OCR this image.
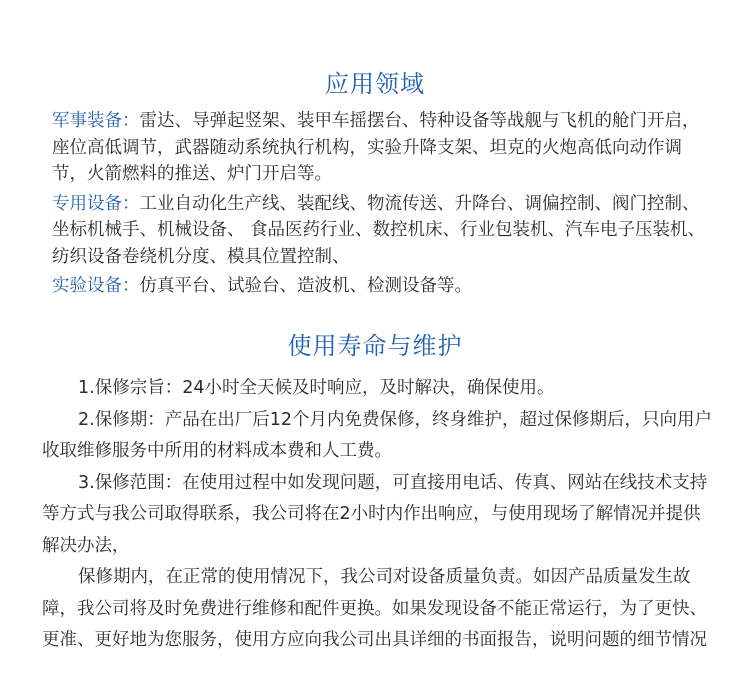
应用领域

军事装备：雷达、导弹起竖架、装甲车摇摆台、特种设备等战舰与飞机的舱门开启，座位高低调节，武器随动系统执行机构，实验升降支架、坦克的火炮高低向动作调节，火箭燃料的推送、炉门开启等。

专用设备：工业自动化生产线、装配线、物流传送、升降台、调偏控制、阀门控制、坐标机械手、机械设备、 食品医药行业、数控机床、行业包装机、汽车电子压装机、纺织设备卷绕机分度、模具位置控制、

实验设备：仿真平台、试验台、造波机、检测设备等。

使用寿命与维护

1.保修宗旨：24小时全天候及时响应，及时解决，确保使用。

2.保修期：产品在出厂后12个月内免费保修，终身维护，超过保修期后，只向用户收取维修服务中所用的材料成本费和人工费。

3.保修范围：在使用过程中如发现问题，可直接用电话、传真、网站在线技术支持等方式与我公司取得联系，我公司将在2小时内作出响应，与使用现场了解情况并提供解决办法，

保修期内，在正常的使用情况下，我公司对设备质量负责。如因产品质量发生故障，我公司将及时免费进行维修和配件更换。如果发现设备不能正常运行，为了更快、更准、更好地为您服务，使用方应向我公司出具详细的书面报告，说明问题的细节情况
